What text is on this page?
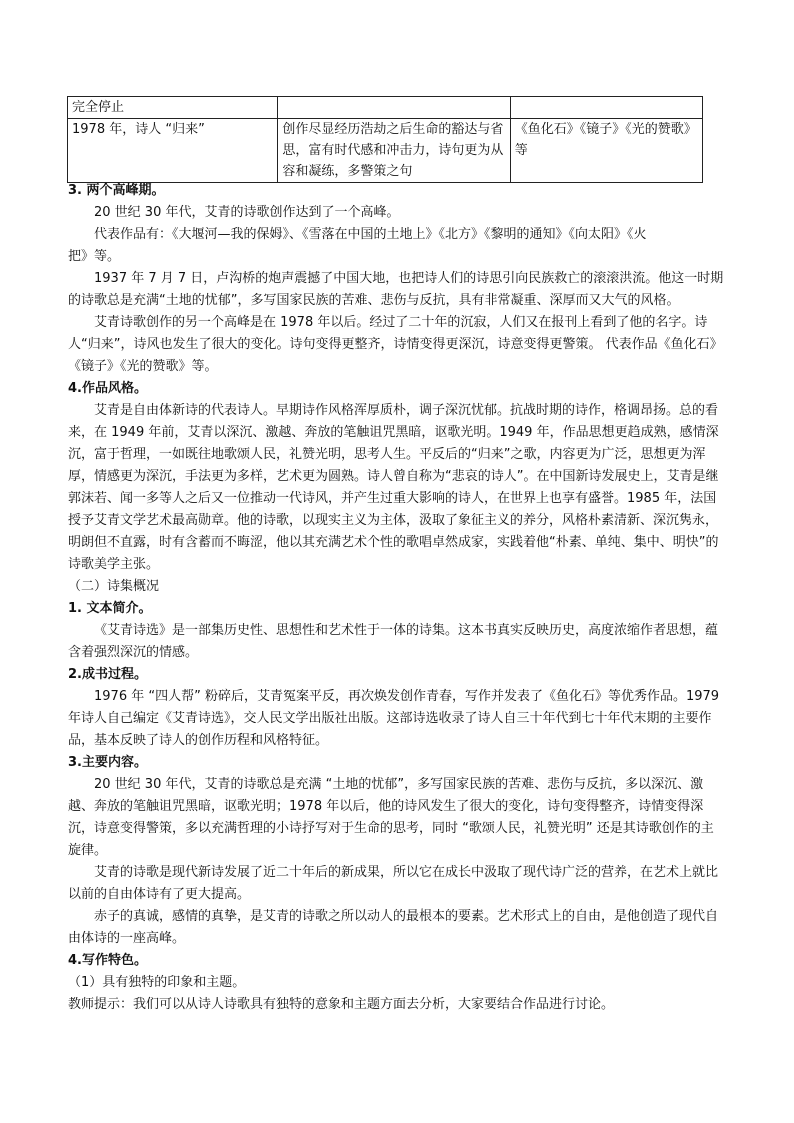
完全停止		
1978 年，诗人 “归来”	创作尽显经历浩劫之后生命的豁达与省思，富有时代感和冲击力，诗句更为从容和凝练，多警策之句	《鱼化石》《镜子》《光的赞歌》等

3. 两个高峰期。

20 世纪 30 年代，艾青的诗歌创作达到了一个高峰。

代表作品有：《大堰河—我的保姆》、《雪落在中国的土地上》《北方》《黎明的通知》《向太阳》《火

把》等。

1937 年 7 月 7 日，卢沟桥的炮声震撼了中国大地，也把诗人们的诗思引向民族救亡的滚滚洪流。他这一时期的诗歌总是充满“土地的忧郁”，多写国家民族的苦难、悲伤与反抗，具有非常凝重、深厚而又大气的风格。

艾青诗歌创作的另一个高峰是在 1978 年以后。经过了二十年的沉寂，人们又在报刊上看到了他的名字。诗人“归来”，诗风也发生了很大的变化。诗句变得更整齐，诗情变得更深沉，诗意变得更警策。 代表作品《鱼化石》《镜子》《光的赞歌》等。

4.作品风格。

艾青是自由体新诗的代表诗人。早期诗作风格浑厚质朴，调子深沉忧郁。抗战时期的诗作，格调昂扬。总的看来，在 1949 年前，艾青以深沉、激越、奔放的笔触诅咒黑暗，讴歌光明。1949 年，作品思想更趋成熟，感情深沉，富于哲理，一如既往地歌颂人民，礼赞光明，思考人生。平反后的“归来”之歌，内容更为广泛，思想更为浑厚，情感更为深沉，手法更为多样，艺术更为圆熟。诗人曾自称为“悲哀的诗人”。在中国新诗发展史上，艾青是继郭沫若、闻一多等人之后又一位推动一代诗风，并产生过重大影响的诗人，在世界上也享有盛誉。1985 年，法国授予艾青文学艺术最高勋章。他的诗歌，以现实主义为主体，汲取了象征主义的养分，风格朴素清新、深沉隽永，明朗但不直露，时有含蓄而不晦涩，他以其充满艺术个性的歌唱卓然成家，实践着他“朴素、单纯、集中、明快”的诗歌美学主张。

（二）诗集概况

1. 文本简介。

《艾青诗选》是一部集历史性、思想性和艺术性于一体的诗集。这本书真实反映历史，高度浓缩作者思想，蕴含着强烈深沉的情感。

2.成书过程。

1976 年 “四人帮” 粉碎后，艾青冤案平反，再次焕发创作青春，写作并发表了《鱼化石》等优秀作品。1979 年诗人自己编定《艾青诗选》，交人民文学出版社出版。这部诗选收录了诗人自三十年代到七十年代末期的主要作品，基本反映了诗人的创作历程和风格特征。

3.主要内容。

20 世纪 30 年代，艾青的诗歌总是充满 “土地的忧郁”，多写国家民族的苦难、悲伤与反抗，多以深沉、激越、奔放的笔触诅咒黑暗，讴歌光明；1978 年以后，他的诗风发生了很大的变化，诗句变得整齐，诗情变得深沉，诗意变得警策，多以充满哲理的小诗抒写对于生命的思考，同时 “歌颂人民，礼赞光明” 还是其诗歌创作的主旋律。

艾青的诗歌是现代新诗发展了近二十年后的新成果，所以它在成长中汲取了现代诗广泛的营养，在艺术上就比以前的自由体诗有了更大提高。

赤子的真诚，感情的真挚，是艾青的诗歌之所以动人的最根本的要素。艺术形式上的自由，是他创造了现代自由体诗的一座高峰。

4.写作特色。

（1）具有独特的印象和主题。

教师提示：我们可以从诗人诗歌具有独特的意象和主题方面去分析，大家要结合作品进行讨论。
